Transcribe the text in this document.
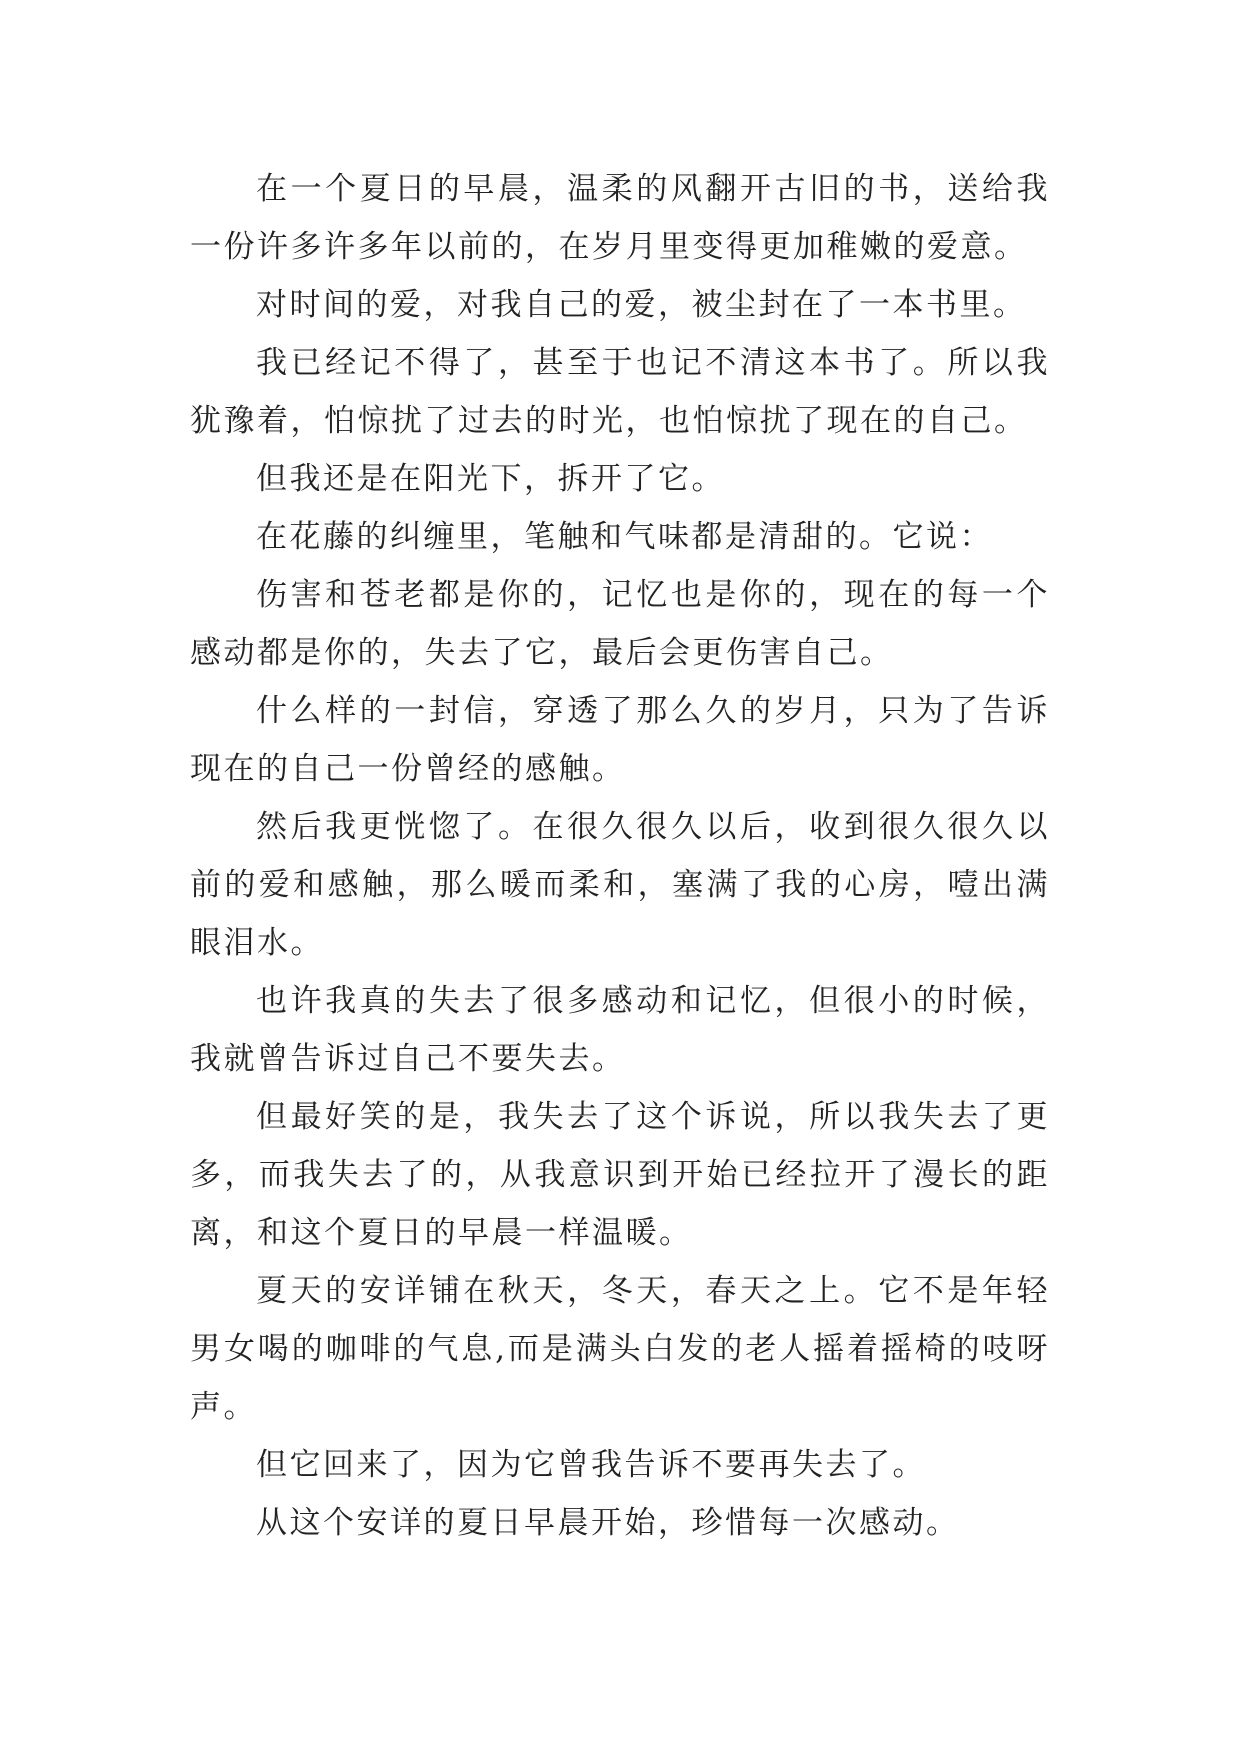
在一个夏日的早晨，温柔的风翻开古旧的书，送给我一份许多许多年以前的，在岁月里变得更加稚嫩的爱意。

对时间的爱，对我自己的爱，被尘封在了一本书里。

我已经记不得了，甚至于也记不清这本书了。所以我犹豫着，怕惊扰了过去的时光，也怕惊扰了现在的自己。

但我还是在阳光下，拆开了它。

在花藤的纠缠里，笔触和气味都是清甜的。它说：

伤害和苍老都是你的，记忆也是你的，现在的每一个感动都是你的，失去了它，最后会更伤害自己。

什么样的一封信，穿透了那么久的岁月，只为了告诉现在的自己一份曾经的感触。

然后我更恍惚了。在很久很久以后，收到很久很久以前的爱和感触，那么暖而柔和，塞满了我的心房，噎出满眼泪水。

也许我真的失去了很多感动和记忆，但很小的时候，我就曾告诉过自己不要失去。

但最好笑的是，我失去了这个诉说，所以我失去了更多，而我失去了的，从我意识到开始已经拉开了漫长的距离，和这个夏日的早晨一样温暖。

夏天的安详铺在秋天，冬天，春天之上。它不是年轻男女喝的咖啡的气息,而是满头白发的老人摇着摇椅的吱呀声。

但它回来了，因为它曾我告诉不要再失去了。

从这个安详的夏日早晨开始，珍惜每一次感动。
